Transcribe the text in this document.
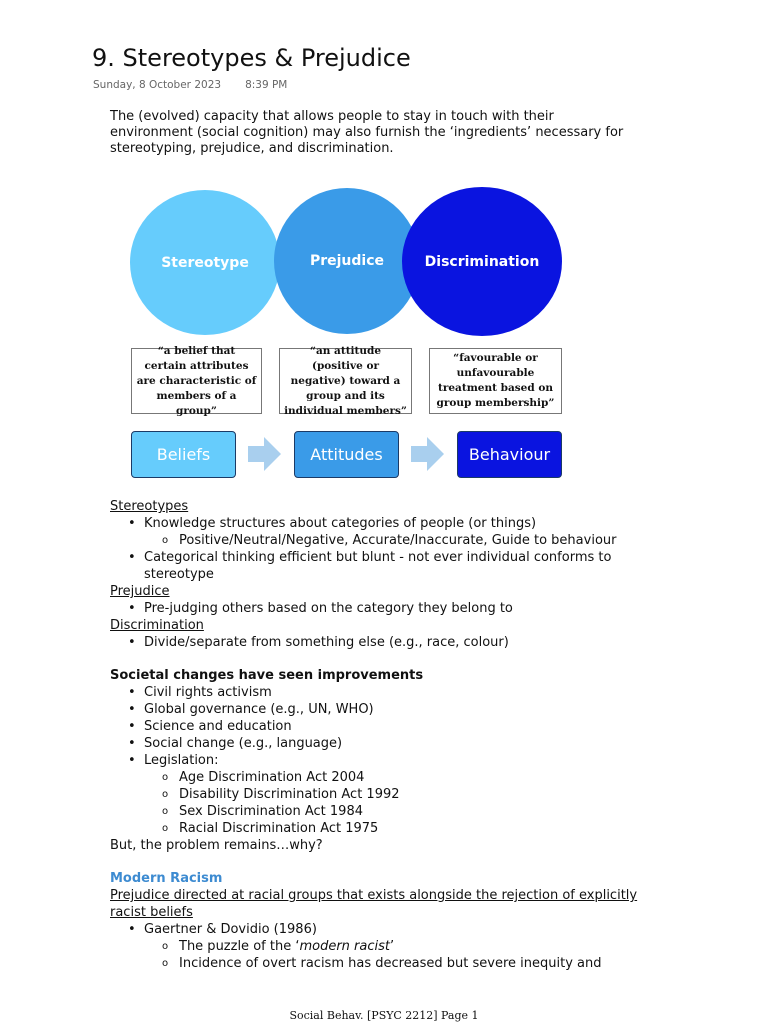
9. Stereotypes & Prejudice
Sunday, 8 October 2023 8:39 PM

The (evolved) capacity that allows people to stay in touch with their environment (social cognition) may also furnish the ‘ingredients’ necessary for stereotyping, prejudice, and discrimination.

Stereotype	Prejudice	Discrimination
“a belief that certain attributes are characteristic of members of a group”
“an attitude (positive or negative) toward a group and its individual members”
“favourable or unfavourable treatment based on group membership”
Beliefs	Attitudes	Behaviour
Stereotypes
• Knowledge structures about categories of people (or things)
o Positive/Neutral/Negative, Accurate/Inaccurate, Guide to behaviour
• Categorical thinking efficient but blunt - not ever individual conforms to stereotype
Prejudice
• Pre-judging others based on the category they belong to
Discrimination
• Divide/separate from something else (e.g., race, colour)
Societal changes have seen improvements
• Civil rights activism
• Global governance (e.g., UN, WHO)
• Science and education
• Social change (e.g., language)
• Legislation:
o Age Discrimination Act 2004
o Disability Discrimination Act 1992
o Sex Discrimination Act 1984
o Racial Discrimination Act 1975
But, the problem remains…why?
Modern Racism
Prejudice directed at racial groups that exists alongside the rejection of explicitly racist beliefs
• Gaertner & Dovidio (1986)
o The puzzle of the ‘modern racist’
o Incidence of overt racism has decreased but severe inequity and
Social Behav. [PSYC 2212] Page 1
